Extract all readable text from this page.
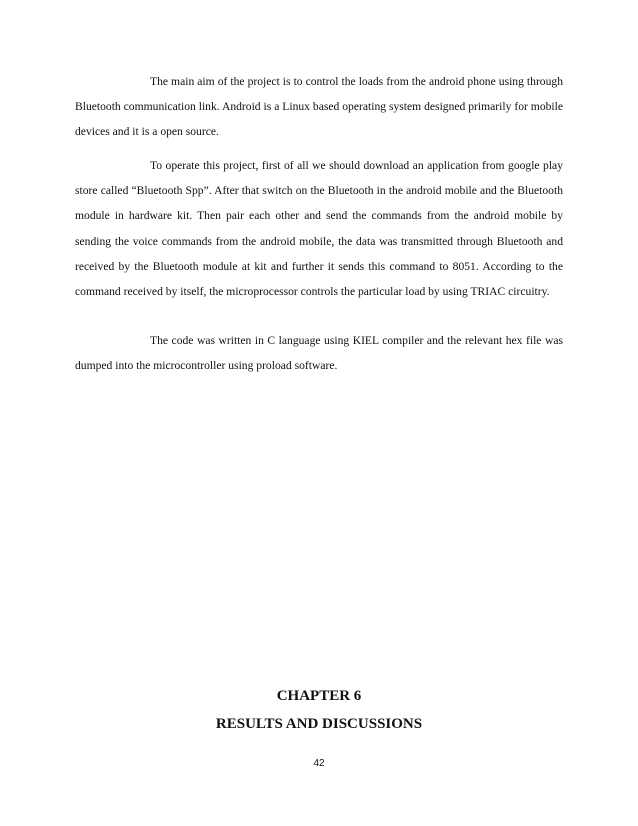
The main aim of the project is to control the loads from the android phone using through Bluetooth communication link. Android is a Linux based operating system designed primarily for mobile devices and it is a open source.

To operate this project, first of all we should download an application from google play store called “Bluetooth Spp”. After that switch on the Bluetooth in the android mobile and the Bluetooth module in hardware kit. Then pair each other and send the commands from the android mobile by sending the voice commands from the android mobile, the data was transmitted through Bluetooth and received by the Bluetooth module at kit and further it sends this command to 8051. According to the command received by itself, the microprocessor controls the particular load by using TRIAC circuitry.

The code was written in C language using KIEL compiler and the relevant hex file was dumped into the microcontroller using proload software.

CHAPTER 6
RESULTS AND DISCUSSIONS
42
